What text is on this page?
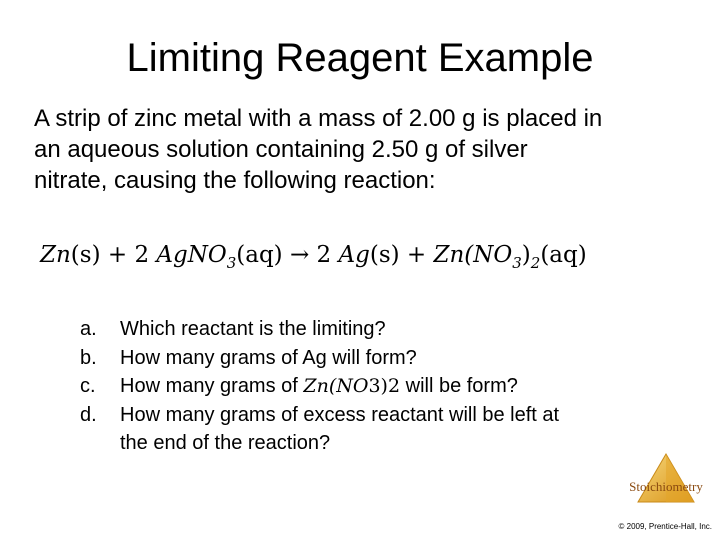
Limiting Reagent Example
A strip of zinc metal with a mass of 2.00 g is placed in
an aqueous solution containing 2.50 g of silver
nitrate, causing the following reaction:
Zn(s) + 2 AgNO$_3$(aq) → 2 $Ag(s) + Zn(NO_3)_2(aq)$
a.	Which reactant is the limiting?
b.	How many grams of Ag will form?
c.	How many grams of Zn(NO3)2 will be form?
d.	How many grams of excess reactant will be left at
the end of the reaction?
Stoichiometry
© 2009, Prentice-Hall, Inc.
